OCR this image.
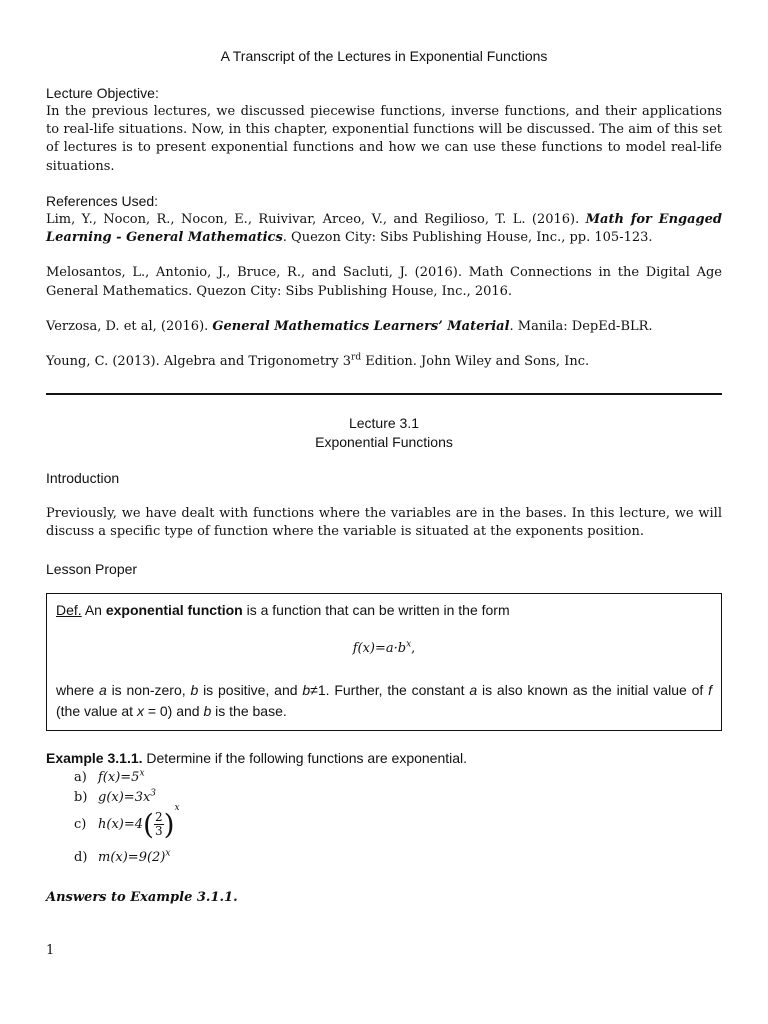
A Transcript of the Lectures in Exponential Functions
Lecture Objective:

In the previous lectures, we discussed piecewise functions, inverse functions, and their applications to real-life situations. Now, in this chapter, exponential functions will be discussed. The aim of this set of lectures is to present exponential functions and how we can use these functions to model real-life situations.

References Used:

Lim, Y., Nocon, R., Nocon, E., Ruivivar, Arceo, V., and Regilioso, T. L. (2016). Math for Engaged Learning - General Mathematics. Quezon City: Sibs Publishing House, Inc., pp. 105-123.

Melosantos, L., Antonio, J., Bruce, R., and Sacluti, J. (2016). Math Connections in the Digital Age General Mathematics. Quezon City: Sibs Publishing House, Inc., 2016.

Verzosa, D. et al, (2016). General Mathematics Learners’ Material. Manila: DepEd-BLR.

Young, C. (2013). Algebra and Trigonometry 3rd Edition. John Wiley and Sons, Inc.

Lecture 3.1
Exponential Functions
Introduction

Previously, we have dealt with functions where the variables are in the bases. In this lecture, we will discuss a specific type of function where the variable is situated at the exponents position.

Lesson Proper
Def. An exponential function is a function that can be written in the form
$f(x)=a\cdot b^x$,
where a is non-zero, b is positive, and b≠1. Further, the constant a is also known as the initial value of f (the value at x = 0) and b is the base.
Example 3.1.1. Determine if the following functions are exponential.
a) $f(x)=5^x$
b) $g(x)=3x^3$
c) $h(x)=4( \frac{2}{3} )^x$
d) $m(x)=9(2)^x$
Answers to Example 3.1.1.
1
